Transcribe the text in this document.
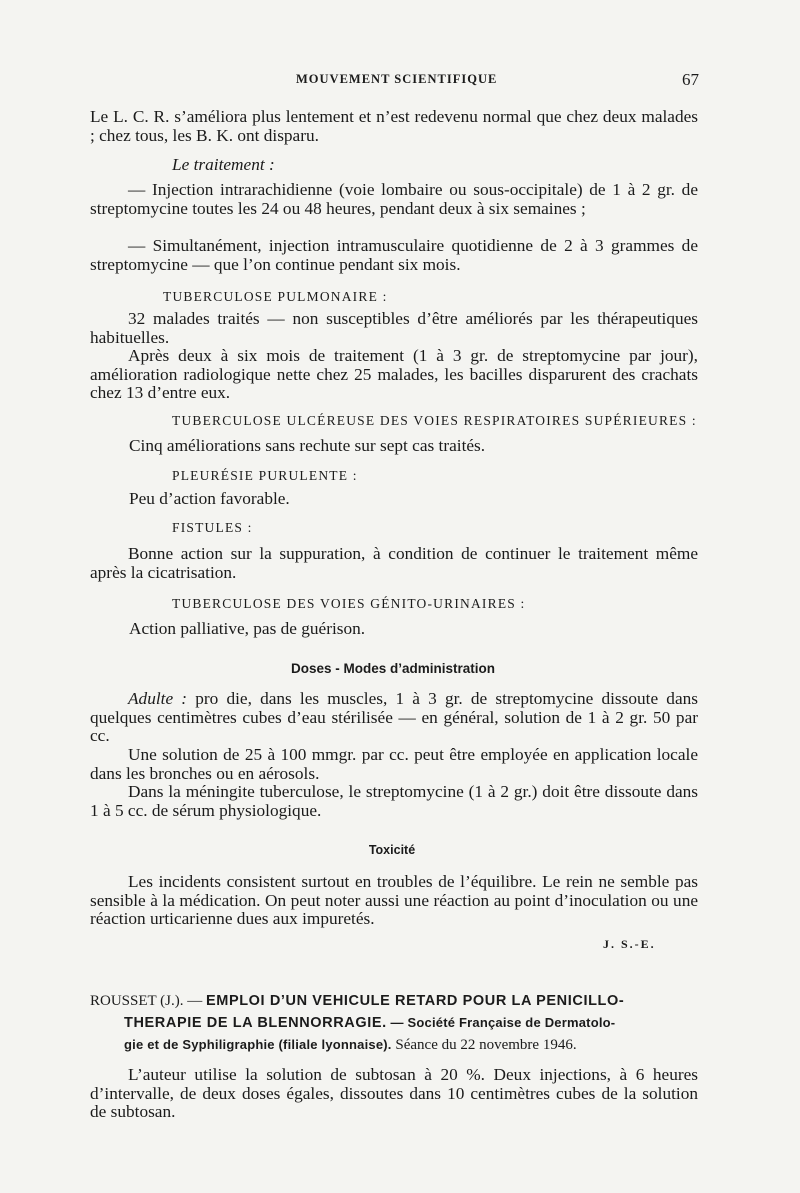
MOUVEMENT SCIENTIFIQUE	67
Le L. C. R. s’améliora plus lentement et n’est redevenu normal que chez deux malades ; chez tous, les B. K. ont disparu.
Le traitement :
— Injection intrarachidienne (voie lombaire ou sous-occipitale) de 1 à 2 gr. de streptomycine toutes les 24 ou 48 heures, pendant deux à six semaines ;
— Simultanément, injection intramusculaire quotidienne de 2 à 3 grammes de streptomycine — que l’on continue pendant six mois.
TUBERCULOSE PULMONAIRE :
32 malades traités — non susceptibles d’être améliorés par les thérapeutiques habituelles.
Après deux à six mois de traitement (1 à 3 gr. de streptomycine par jour), amélioration radiologique nette chez 25 malades, les bacilles disparurent des crachats chez 13 d’entre eux.
TUBERCULOSE ULCÉREUSE DES VOIES RESPIRATOIRES SUPÉRIEURES :
Cinq améliorations sans rechute sur sept cas traités.
PLEURÉSIE PURULENTE :
Peu d’action favorable.
FISTULES :
Bonne action sur la suppuration, à condition de continuer le traitement même après la cicatrisation.
TUBERCULOSE DES VOIES GÉNITO-URINAIRES :
Action palliative, pas de guérison.
Doses - Modes d’administration
Adulte : pro die, dans les muscles, 1 à 3 gr. de streptomycine dissoute dans quelques centimètres cubes d’eau stérilisée — en général, solution de 1 à 2 gr. 50 par cc.
Une solution de 25 à 100 mmgr. par cc. peut être employée en application locale dans les bronches ou en aérosols.
Dans la méningite tuberculose, le streptomycine (1 à 2 gr.) doit être dissoute dans 1 à 5 cc. de sérum physiologique.
Toxicité
Les incidents consistent surtout en troubles de l’équilibre. Le rein ne semble pas sensible à la médication. On peut noter aussi une réaction au point d’inoculation ou une réaction urticarienne dues aux impuretés.
J. S.-E.
ROUSSET (J.). — EMPLOI D’UN VEHICULE RETARD POUR LA PENICILLO-
THERAPIE DE LA BLENNORRAGIE. — Société Française de Dermatolo-
gie et de Syphiligraphie (filiale lyonnaise). Séance du 22 novembre 1946.
L’auteur utilise la solution de subtosan à 20 %. Deux injections, à 6 heures d’intervalle, de deux doses égales, dissoutes dans 10 centimètres cubes de la solution de subtosan.
